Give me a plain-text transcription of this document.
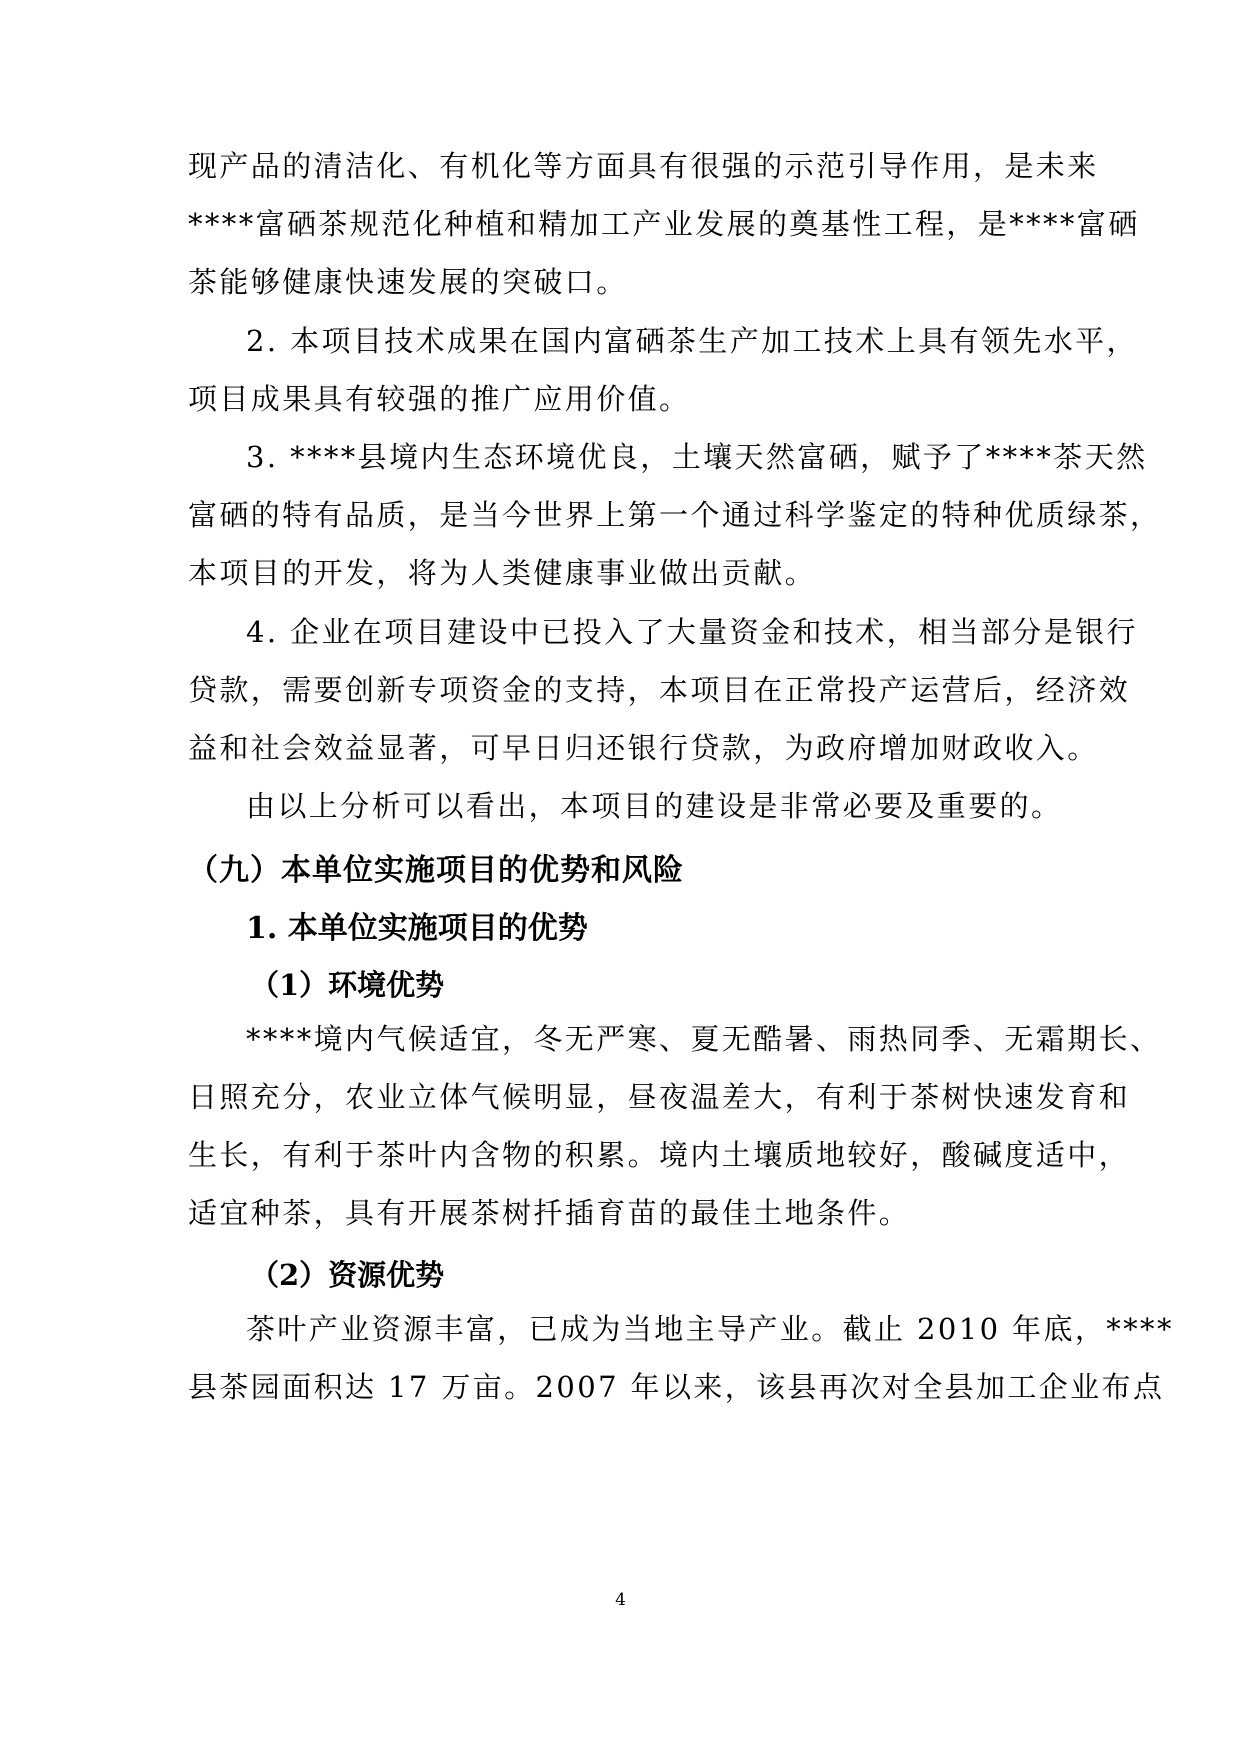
现产品的清洁化、有机化等方面具有很强的示范引导作用，是未来
****富硒茶规范化种植和精加工产业发展的奠基性工程，是****富硒
茶能够健康快速发展的突破口。
2. 本项目技术成果在国内富硒茶生产加工技术上具有领先水平，
项目成果具有较强的推广应用价值。
3. ****县境内生态环境优良，土壤天然富硒，赋予了****茶天然
富硒的特有品质，是当今世界上第一个通过科学鉴定的特种优质绿茶，
本项目的开发，将为人类健康事业做出贡献。
4. 企业在项目建设中已投入了大量资金和技术，相当部分是银行
贷款，需要创新专项资金的支持，本项目在正常投产运营后，经济效
益和社会效益显著，可早日归还银行贷款，为政府增加财政收入。
由以上分析可以看出，本项目的建设是非常必要及重要的。
（九）本单位实施项目的优势和风险
1. 本单位实施项目的优势
（1）环境优势
****境内气候适宜，冬无严寒、夏无酷暑、雨热同季、无霜期长、
日照充分，农业立体气候明显，昼夜温差大，有利于茶树快速发育和
生长，有利于茶叶内含物的积累。境内土壤质地较好，酸碱度适中，
适宜种茶，具有开展茶树扦插育苗的最佳土地条件。
（2）资源优势
茶叶产业资源丰富，已成为当地主导产业。截止 2010 年底，****
县茶园面积达 17 万亩。2007 年以来，该县再次对全县加工企业布点
4
